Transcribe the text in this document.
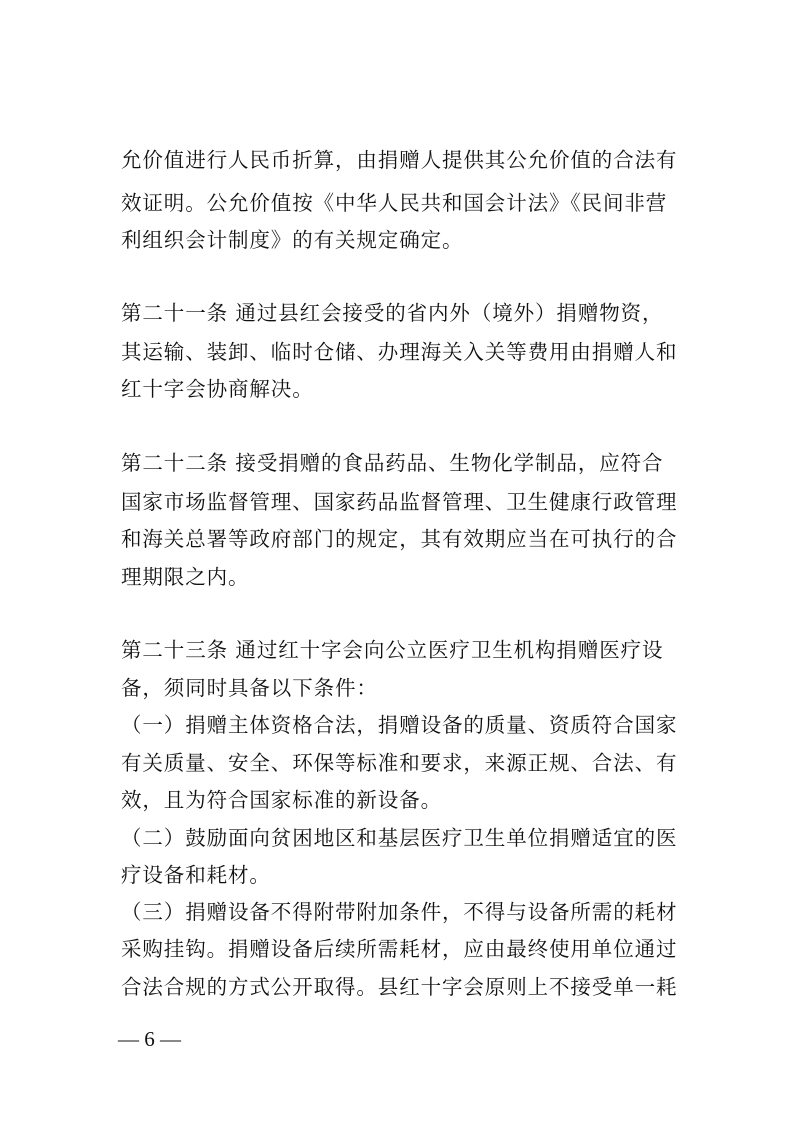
允价值进行人民币折算，由捐赠人提供其公允价值的合法有
效证明。公允价值按《中华人民共和国会计法》《民间非营
利组织会计制度》的有关规定确定。
第二十一条 通过县红会接受的省内外（境外）捐赠物资，
其运输、装卸、临时仓储、办理海关入关等费用由捐赠人和
红十字会协商解决。
第二十二条 接受捐赠的食品药品、生物化学制品，应符合
国家市场监督管理、国家药品监督管理、卫生健康行政管理
和海关总署等政府部门的规定，其有效期应当在可执行的合
理期限之内。
第二十三条 通过红十字会向公立医疗卫生机构捐赠医疗设
备，须同时具备以下条件：
（一）捐赠主体资格合法，捐赠设备的质量、资质符合国家
有关质量、安全、环保等标准和要求，来源正规、合法、有
效，且为符合国家标准的新设备。
（二）鼓励面向贫困地区和基层医疗卫生单位捐赠适宜的医
疗设备和耗材。
（三）捐赠设备不得附带附加条件，不得与设备所需的耗材
采购挂钩。捐赠设备后续所需耗材，应由最终使用单位通过
合法合规的方式公开取得。县红十字会原则上不接受单一耗
— 6 —
